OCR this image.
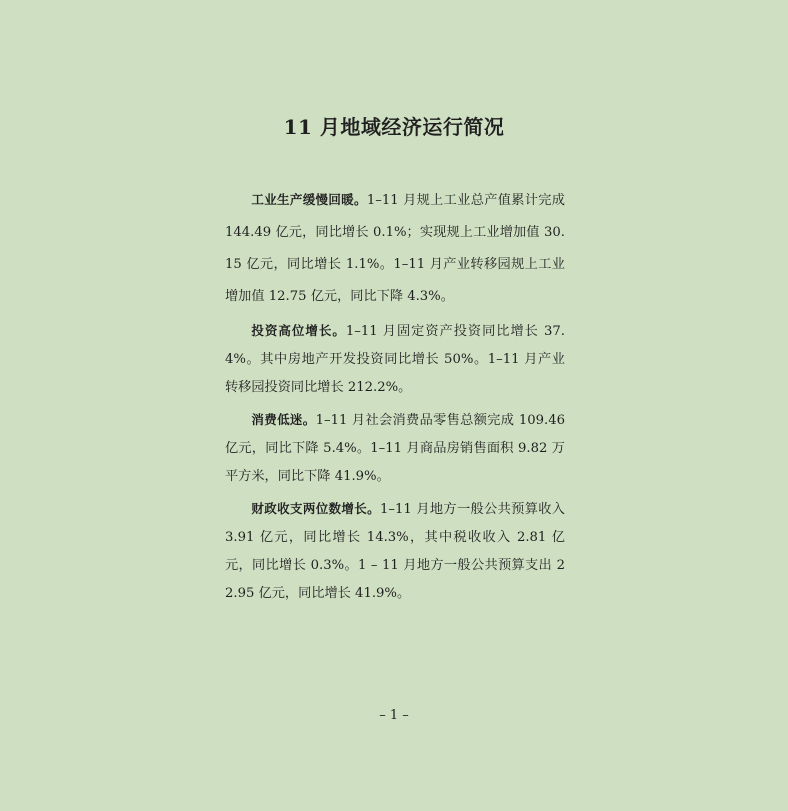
11 月地域经济运行简况

工业生产缓慢回暖。1–11 月规上工业总产值累计完成 144.49 亿元，同比增长 0.1%；实现规上工业增加值 30.15 亿元，同比增长 1.1%。1–11 月产业转移园规上工业增加值 12.75 亿元，同比下降 4.3%。

投资高位增长。1–11 月固定资产投资同比增长 37.4%。其中房地产开发投资同比增长 50%。1–11 月产业转移园投资同比增长 212.2%。

消费低迷。1–11 月社会消费品零售总额完成 109.46 亿元，同比下降 5.4%。1–11 月商品房销售面积 9.82 万平方米，同比下降 41.9%。

财政收支两位数增长。1–11 月地方一般公共预算收入 3.91 亿元，同比增长 14.3%，其中税收收入 2.81 亿元，同比增长 0.3%。1 – 11 月地方一般公共预算支出 22.95 亿元，同比增长 41.9%。

– 1 –
